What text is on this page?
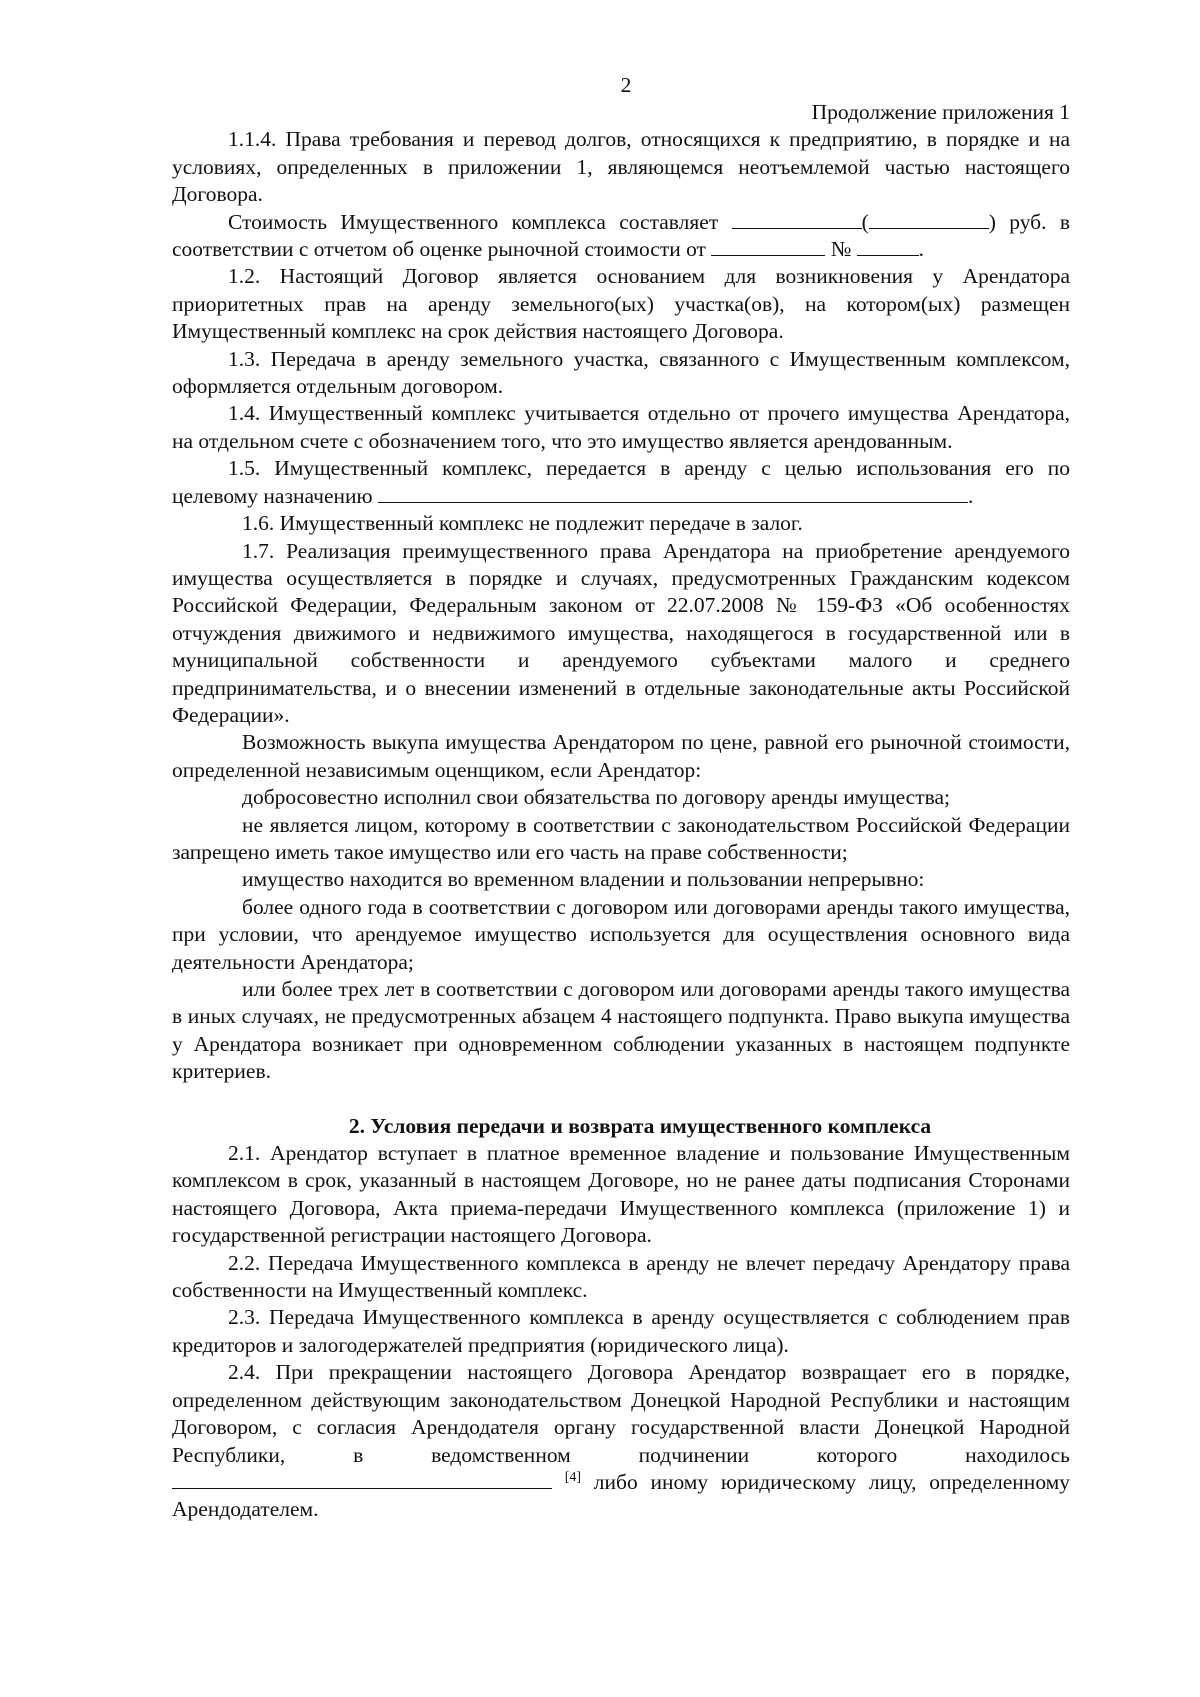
2
Продолжение приложения 1

1.1.4. Права требования и перевод долгов, относящихся к предприятию, в порядке и на условиях, определенных в приложении 1, являющемся неотъемлемой частью настоящего Договора.

Стоимость Имущественного комплекса составляет	(	) руб. в соответствии с отчетом об оценке рыночной стоимости от	№	.

1.2. Настоящий Договор является основанием для возникновения у Арендатора приоритетных прав на аренду земельного(ых) участка(ов), на котором(ых) размещен Имущественный комплекс на срок действия настоящего Договора.

1.3. Передача в аренду земельного участка, связанного с Имущественным комплексом, оформляется отдельным договором.

1.4. Имущественный комплекс учитывается отдельно от прочего имущества Арендатора, на отдельном счете с обозначением того, что это имущество является арендованным.

1.5. Имущественный комплекс, передается в аренду с целью использования его по целевому назначению	.

1.6. Имущественный комплекс не подлежит передаче в залог.

1.7. Реализация преимущественного права Арендатора на приобретение арендуемого имущества осуществляется в порядке и случаях, предусмотренных Гражданским кодексом Российской Федерации, Федеральным законом от 22.07.2008 № 159-ФЗ «Об особенностях отчуждения движимого и недвижимого имущества, находящегося в государственной или в муниципальной собственности и арендуемого субъектами малого и среднего предпринимательства, и о внесении изменений в отдельные законодательные акты Российской Федерации».

Возможность выкупа имущества Арендатором по цене, равной его рыночной стоимости, определенной независимым оценщиком, если Арендатор:

добросовестно исполнил свои обязательства по договору аренды имущества;

не является лицом, которому в соответствии с законодательством Российской Федерации запрещено иметь такое имущество или его часть на праве собственности;

имущество находится во временном владении и пользовании непрерывно:

более одного года в соответствии с договором или договорами аренды такого имущества, при условии, что арендуемое имущество используется для осуществления основного вида деятельности Арендатора;

или более трех лет в соответствии с договором или договорами аренды такого имущества в иных случаях, не предусмотренных абзацем 4 настоящего подпункта. Право выкупа имущества у Арендатора возникает при одновременном соблюдении указанных в настоящем подпункте критериев.

2. Условия передачи и возврата имущественного комплекса

2.1. Арендатор вступает в платное временное владение и пользование Имущественным комплексом в срок, указанный в настоящем Договоре, но не ранее даты подписания Сторонами настоящего Договора, Акта приема-передачи Имущественного комплекса (приложение 1) и государственной регистрации настоящего Договора.

2.2. Передача Имущественного комплекса в аренду не влечет передачу Арендатору права собственности на Имущественный комплекс.

2.3. Передача Имущественного комплекса в аренду осуществляется с соблюдением прав кредиторов и залогодержателей предприятия (юридического лица).

2.4. При прекращении настоящего Договора Арендатор возвращает его в порядке, определенном действующим законодательством Донецкой Народной Республики и настоящим Договором, с согласия Арендодателя органу государственной власти Донецкой Народной Республики, в ведомственном подчинении которого находилось  [4] либо иному юридическому лицу, определенному Арендодателем.
